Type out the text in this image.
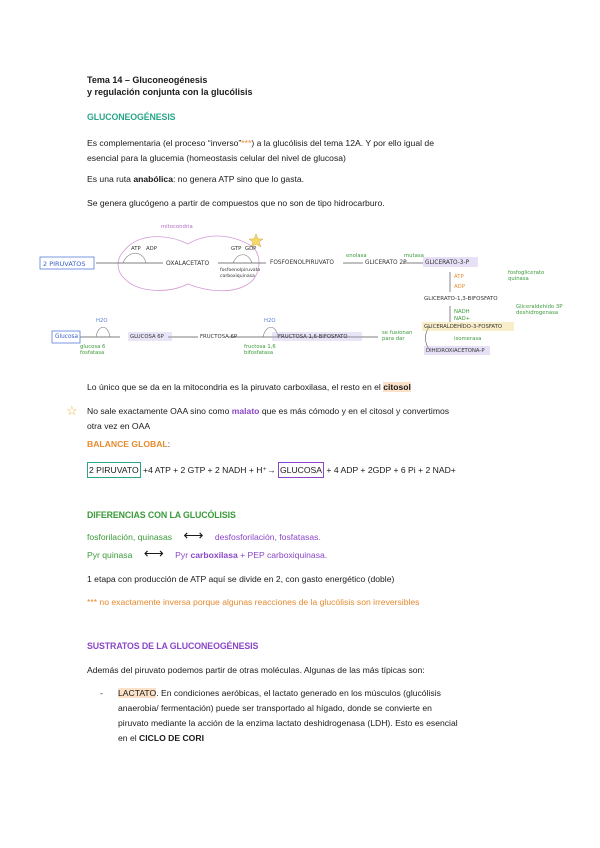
Tema 14 – Gluconeogénesis
y regulación conjunta con la glucólisis
GLUCONEOGÉNESIS
Es complementaria (el proceso “inverso”***) a la glucólisis del tema 12A. Y por ello igual de
esencial para la glucemia (homeostasis celular del nivel de glucosa)
Es una ruta anabólica: no genera ATP sino que lo gasta.
Se genera glucógeno a partir de compuestos que no son de tipo hidrocarburo.
mitocondria
2 PIRUVATOS
ATP ADP
OXALACETATO
GTP GDP
fosfoenolpiruvato carboxiquinasa
FOSFOENOLPIRUVATO
enolasa
GLICERATO 2P
mutasa
GLICERATO-3-P
ATP
ADP
fosfoglicerato quinasa
GLICERATO-1,3-BIFOSFATO
NADH
NAD+
Gliceraldehído 3P deshidrogenasa
GLICERALDEHÍDO-3-FOSFATO
isomerasa
DIHIDROXIACETONA-P
se fusionan para dar
FRUCTOSA 1,6-BIFOSFATO
H2O
fructosa 1,6 bifosfatasa
FRUCTOSA 6P
GLUCOSA 6P
H2O
Glucosa
glucosa 6 fosfatasa
Lo único que se da en la mitocondria es la piruvato carboxilasa, el resto en el citosol
☆ No sale exactamente OAA sino como malato que es más cómodo y en el citosol y convertimos
otra vez en OAA
BALANCE GLOBAL:
2 PIRUVATO +4 ATP + 2 GTP + 2 NADH + H⁺→ GLUCOSA + 4 ADP + 2GDP + 6 Pi + 2 NAD+
DIFERENCIAS CON LA GLUCÓLISIS
fosforilación, quinasas ⟷ desfosforilación, fosfatasas.
Pyr quinasa ⟷ Pyr carboxilasa + PEP carboxiquinasa.
1 etapa con producción de ATP aquí se divide en 2, con gasto energético (doble)
*** no exactamente inversa porque algunas reacciones de la glucólisis son irreversibles
SUSTRATOS DE LA GLUCONEOGÉNESIS
Además del piruvato podemos partir de otras moléculas. Algunas de las más típicas son:
- LACTATO. En condiciones aeróbicas, el lactato generado en los músculos (glucólisis
anaerobia/ fermentación) puede ser transportado al hígado, donde se convierte en
piruvato mediante la acción de la enzima lactato deshidrogenasa (LDH). Esto es esencial
en el CICLO DE CORI
